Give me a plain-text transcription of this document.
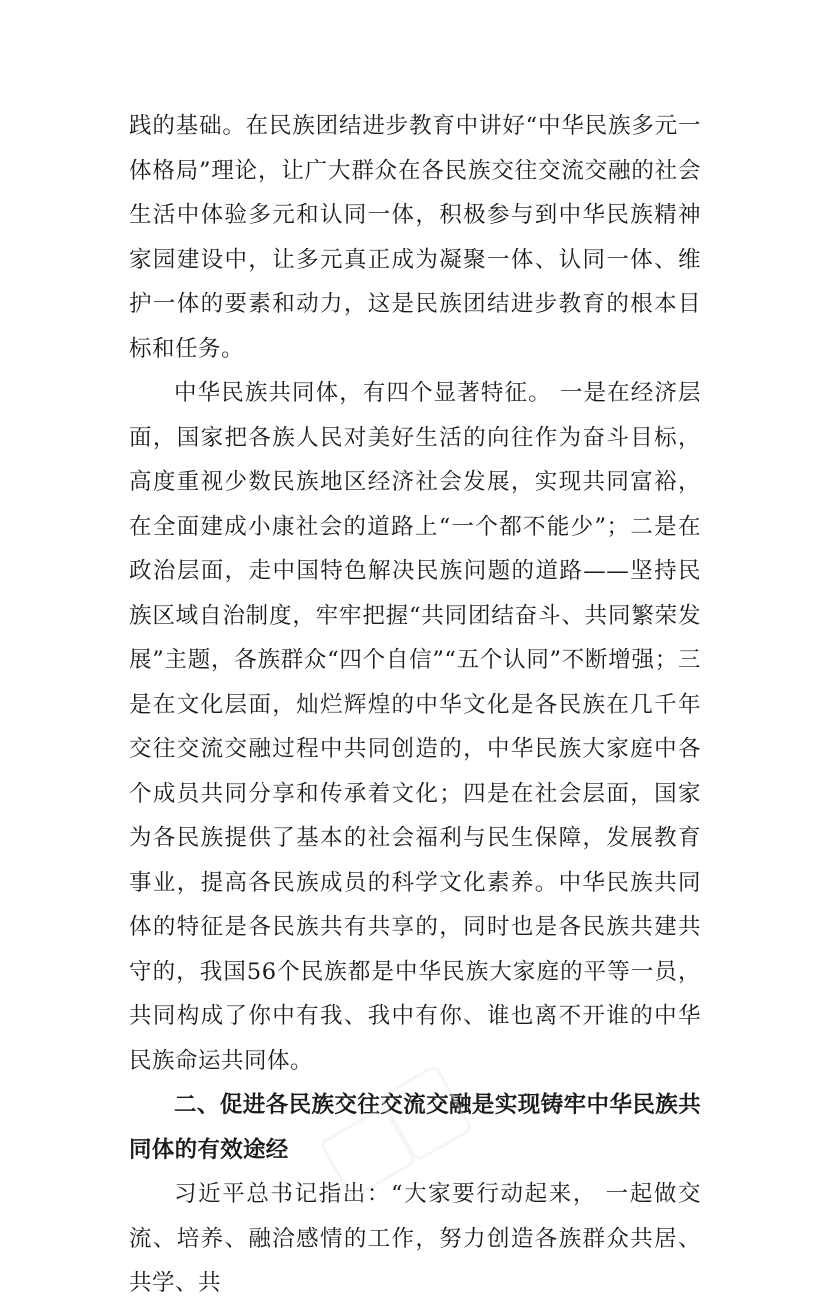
践的基础。在民族团结进步教育中讲好“中华民族多元一体格局”理论，让广大群众在各民族交往交流交融的社会生活中体验多元和认同一体，积极参与到中华民族精神家园建设中，让多元真正成为凝聚一体、认同一体、维护一体的要素和动力，这是民族团结进步教育的根本目标和任务。

中华民族共同体，有四个显著特征。 一是在经济层面，国家把各族人民对美好生活的向往作为奋斗目标，高度重视少数民族地区经济社会发展，实现共同富裕，在全面建成小康社会的道路上“一个都不能少”；二是在政治层面，走中国特色解决民族问题的道路——坚持民族区域自治制度，牢牢把握“共同团结奋斗、共同繁荣发展”主题，各族群众“四个自信”“五个认同”不断增强；三是在文化层面，灿烂辉煌的中华文化是各民族在几千年交往交流交融过程中共同创造的，中华民族大家庭中各个成员共同分享和传承着文化；四是在社会层面，国家为各民族提供了基本的社会福利与民生保障，发展教育事业，提高各民族成员的科学文化素养。中华民族共同体的特征是各民族共有共享的，同时也是各民族共建共守的，我国56个民族都是中华民族大家庭的平等一员，共同构成了你中有我、我中有你、谁也离不开谁的中华民族命运共同体。

二、促进各民族交往交流交融是实现铸牢中华民族共同体的有效途经

习近平总书记指出：“大家要行动起来， 一起做交流、培养、融洽感情的工作，努力创造各族群众共居、共学、共
